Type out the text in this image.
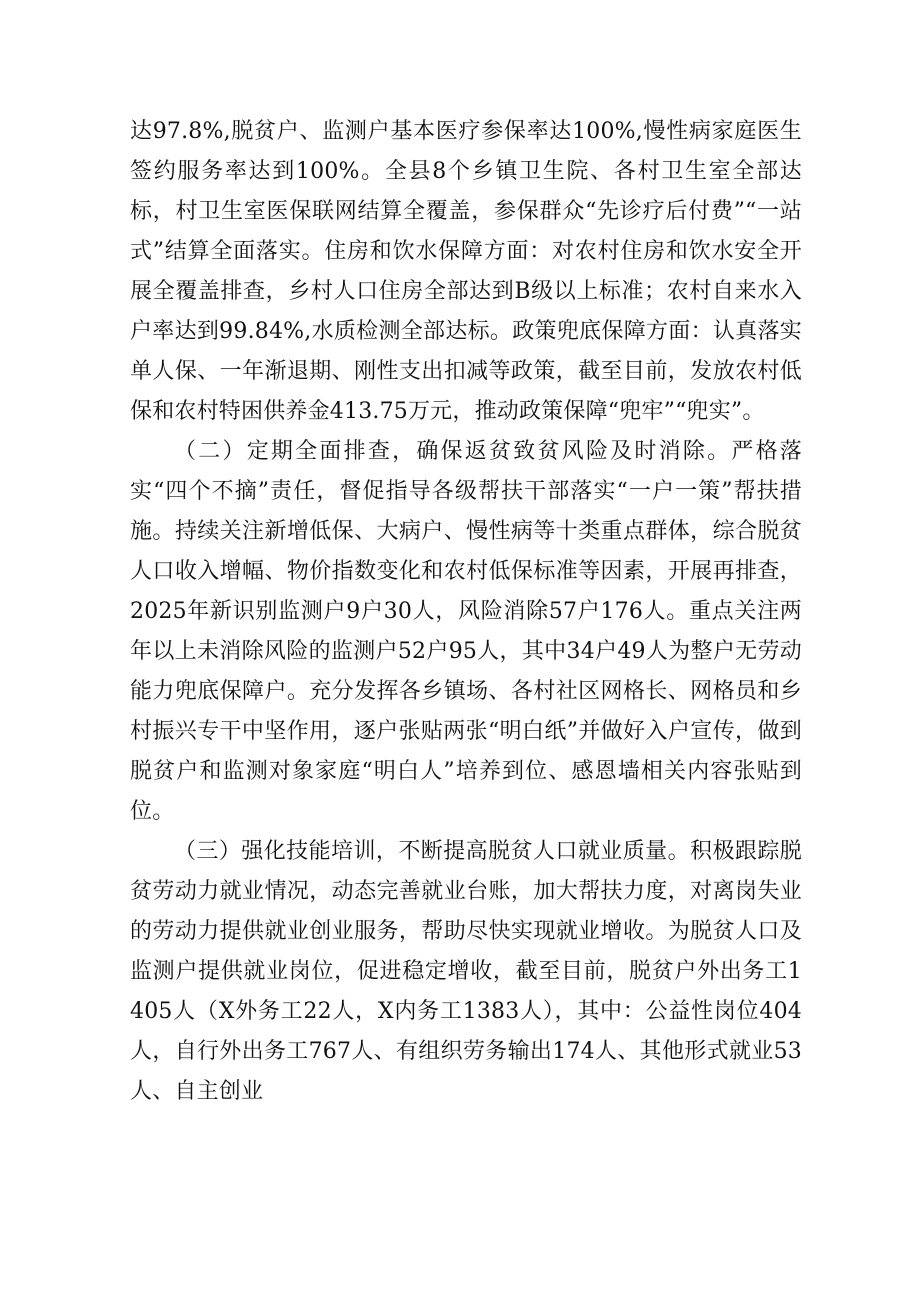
达97.8%,脱贫户、监测户基本医疗参保率达100%,慢性病家庭医生签约服务率达到100%。全县8个乡镇卫生院、各村卫生室全部达标，村卫生室医保联网结算全覆盖，参保群众“先诊疗后付费”“一站式”结算全面落实。住房和饮水保障方面：对农村住房和饮水安全开展全覆盖排查，乡村人口住房全部达到B级以上标准；农村自来水入户率达到99.84%,水质检测全部达标。政策兜底保障方面：认真落实单人保、一年渐退期、刚性支出扣减等政策，截至目前，发放农村低保和农村特困供养金413.75万元，推动政策保障“兜牢”“兜实”。

（二）定期全面排查，确保返贫致贫风险及时消除。严格落实“四个不摘”责任，督促指导各级帮扶干部落实“一户一策”帮扶措施。持续关注新增低保、大病户、慢性病等十类重点群体，综合脱贫人口收入增幅、物价指数变化和农村低保标准等因素，开展再排查，2025年新识别监测户9户30人，风险消除57户176人。重点关注两年以上未消除风险的监测户52户95人，其中34户49人为整户无劳动能力兜底保障户。充分发挥各乡镇场、各村社区网格长、网格员和乡村振兴专干中坚作用，逐户张贴两张“明白纸”并做好入户宣传，做到脱贫户和监测对象家庭“明白人”培养到位、感恩墙相关内容张贴到位。

（三）强化技能培训，不断提高脱贫人口就业质量。积极跟踪脱贫劳动力就业情况，动态完善就业台账，加大帮扶力度，对离岗失业的劳动力提供就业创业服务，帮助尽快实现就业增收。为脱贫人口及监测户提供就业岗位，促进稳定增收，截至目前，脱贫户外出务工1405人（X外务工22人，X内务工1383人），其中：公益性岗位404人，自行外出务工767人、有组织劳务输出174人、其他形式就业53人、自主创业
